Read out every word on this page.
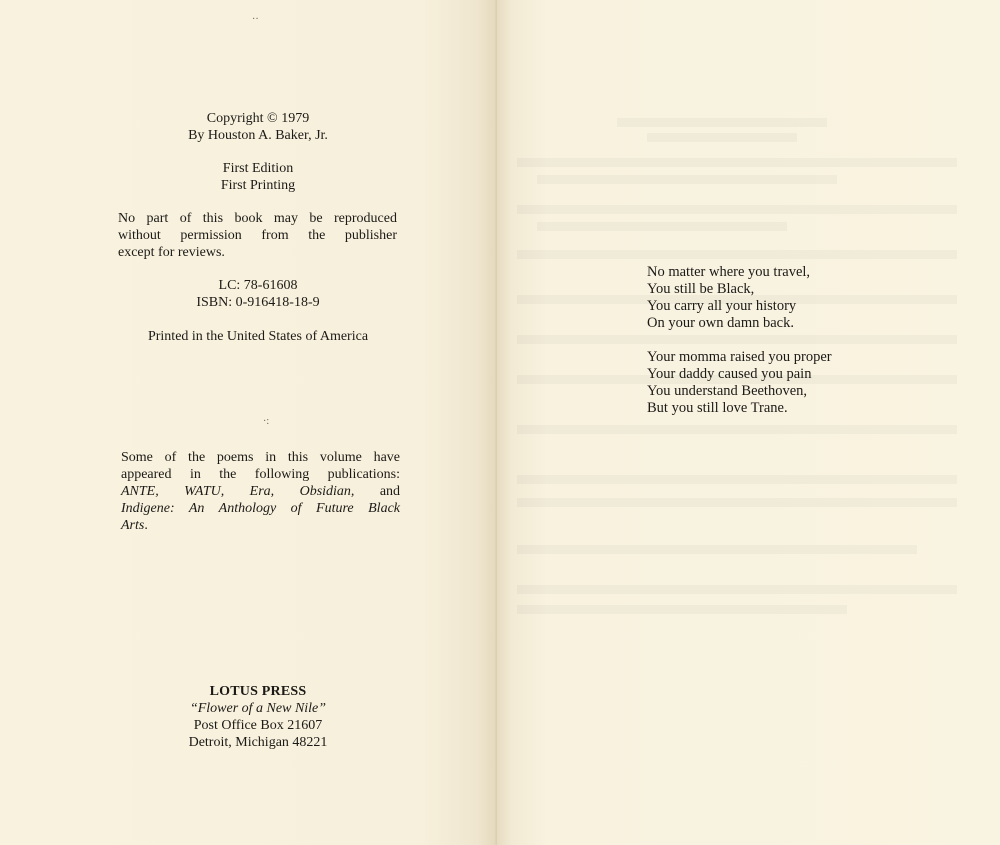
··
Copyright © 1979
By Houston A. Baker, Jr.
First Edition
First Printing
No part of this book may be reproduced
without permission from the publisher
except for reviews.
LC: 78-61608
ISBN: 0-916418-18-9
Printed in the United States of America
·:

Some of the poems in this volume have

appeared in the following publications:

ANTE, WATU, Era, Obsidian, and

Indigene: An Anthology of Future Black

Arts.

LOTUS PRESS
“Flower of a New Nile”
Post Office Box 21607
Detroit, Michigan 48221
No matter where you travel,
You still be Black,
You carry all your history
On your own damn back.
Your momma raised you proper
Your daddy caused you pain
You understand Beethoven,
But you still love Trane.
